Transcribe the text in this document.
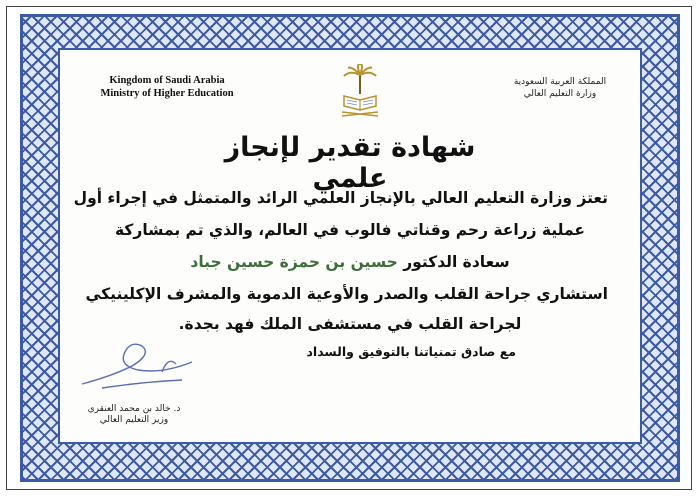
Kingdom of Saudi Arabia
Ministry of Higher Education
المملكة العربية السعودية
وزارة التعليم العالي
شهادة تقدير لإنجاز علمي
تعتز وزارة التعليم العالي بالإنجاز العلمي الرائد والمتمثل في إجراء أول
عملية زراعة رحم وقناتي فالوب في العالم، والذي تم بمشاركة
سعادة الدكتور حسين بن حمزة حسين جباد
استشاري جراحة القلب والصدر والأوعية الدموية والمشرف الإكلينيكي
لجراحة القلب في مستشفى الملك فهد بجدة.
مع صادق تمنياتنا بالتوفيق والسداد
د. خالد بن محمد العنقري
وزير التعليم العالي
